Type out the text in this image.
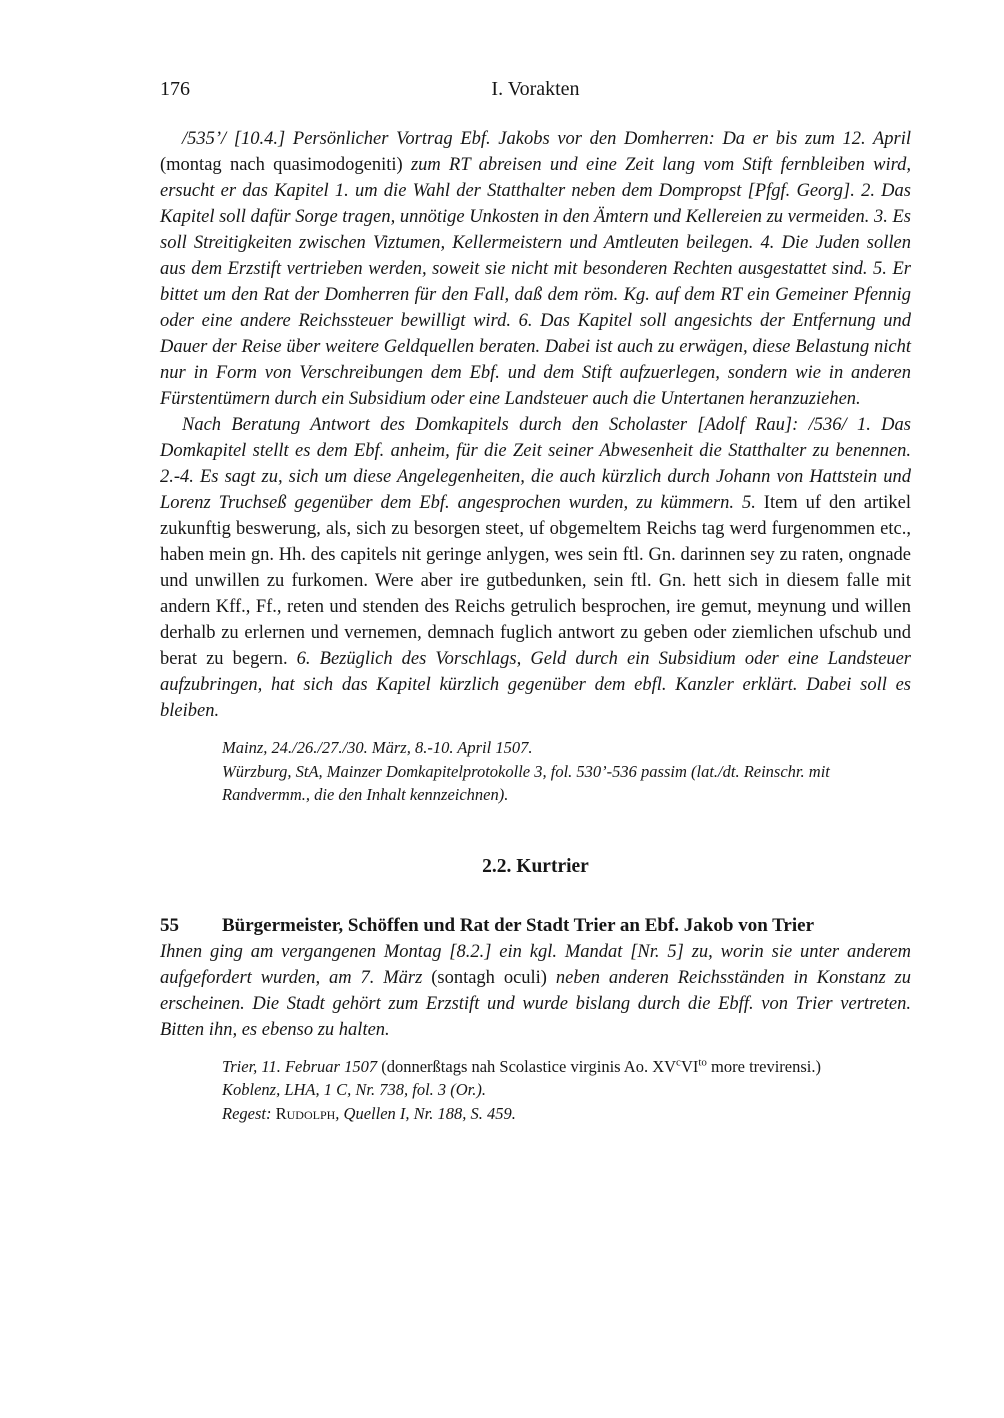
176	I. Vorakten

/535’/ [10.4.] Persönlicher Vortrag Ebf. Jakobs vor den Domherren: Da er bis zum 12. April (montag nach quasimodogeniti) zum RT abreisen und eine Zeit lang vom Stift fernbleiben wird, ersucht er das Kapitel 1. um die Wahl der Statthalter neben dem Dompropst [Pfgf. Georg]. 2. Das Kapitel soll dafür Sorge tragen, unnötige Unkosten in den Ämtern und Kellereien zu vermeiden. 3. Es soll Streitigkeiten zwischen Viztumen, Kellermeistern und Amtleuten beilegen. 4. Die Juden sollen aus dem Erzstift vertrieben werden, soweit sie nicht mit besonderen Rechten ausgestattet sind. 5. Er bittet um den Rat der Domherren für den Fall, daß dem röm. Kg. auf dem RT ein Gemeiner Pfennig oder eine andere Reichssteuer bewilligt wird. 6. Das Kapitel soll angesichts der Entfernung und Dauer der Reise über weitere Geldquellen beraten. Dabei ist auch zu erwägen, diese Belastung nicht nur in Form von Verschreibungen dem Ebf. und dem Stift aufzuerlegen, sondern wie in anderen Fürstentümern durch ein Subsidium oder eine Landsteuer auch die Untertanen heranzuziehen.

Nach Beratung Antwort des Domkapitels durch den Scholaster [Adolf Rau]: /536/ 1. Das Domkapitel stellt es dem Ebf. anheim, für die Zeit seiner Abwesenheit die Statthalter zu benennen. 2.-4. Es sagt zu, sich um diese Angelegenheiten, die auch kürzlich durch Johann von Hattstein und Lorenz Truchseß gegenüber dem Ebf. angesprochen wurden, zu kümmern. 5. Item uf den artikel zukunftig beswerung, als, sich zu besorgen steet, uf obgemeltem Reichs tag werd furgenommen etc., haben mein gn. Hh. des capitels nit geringe anlygen, wes sein ftl. Gn. darinnen sey zu raten, ongnade und unwillen zu furkomen. Were aber ire gutbedunken, sein ftl. Gn. hett sich in diesem falle mit andern Kff., Ff., reten und stenden des Reichs getrulich besprochen, ire gemut, meynung und willen derhalb zu erlernen und vernemen, demnach fuglich antwort zu geben oder ziemlichen ufschub und berat zu begern. 6. Bezüglich des Vorschlags, Geld durch ein Subsidium oder eine Landsteuer aufzubringen, hat sich das Kapitel kürzlich gegenüber dem ebfl. Kanzler erklärt. Dabei soll es bleiben.

Mainz, 24./26./27./30. März, 8.-10. April 1507.

Würzburg, StA, Mainzer Domkapitelprotokolle 3, fol. 530’-536 passim (lat./dt. Reinschr. mit Randvermm., die den Inhalt kennzeichnen).

2.2. Kurtrier
55	Bürgermeister, Schöffen und Rat der Stadt Trier an Ebf. Jakob von Trier

Ihnen ging am vergangenen Montag [8.2.] ein kgl. Mandat [Nr. 5] zu, worin sie unter anderem aufgefordert wurden, am 7. März (sontagh oculi) neben anderen Reichsständen in Konstanz zu erscheinen. Die Stadt gehört zum Erzstift und wurde bislang durch die Ebff. von Trier vertreten. Bitten ihn, es ebenso zu halten.

Trier, 11. Februar 1507 (donnerßtags nah Scolastice virginis Ao. $XV^cVI^{to}$ more trevirensi.)

Koblenz, LHA, 1 C, Nr. 738, fol. 3 (Or.).

Regest: Rudolph, Quellen I, Nr. 188, S. 459.
